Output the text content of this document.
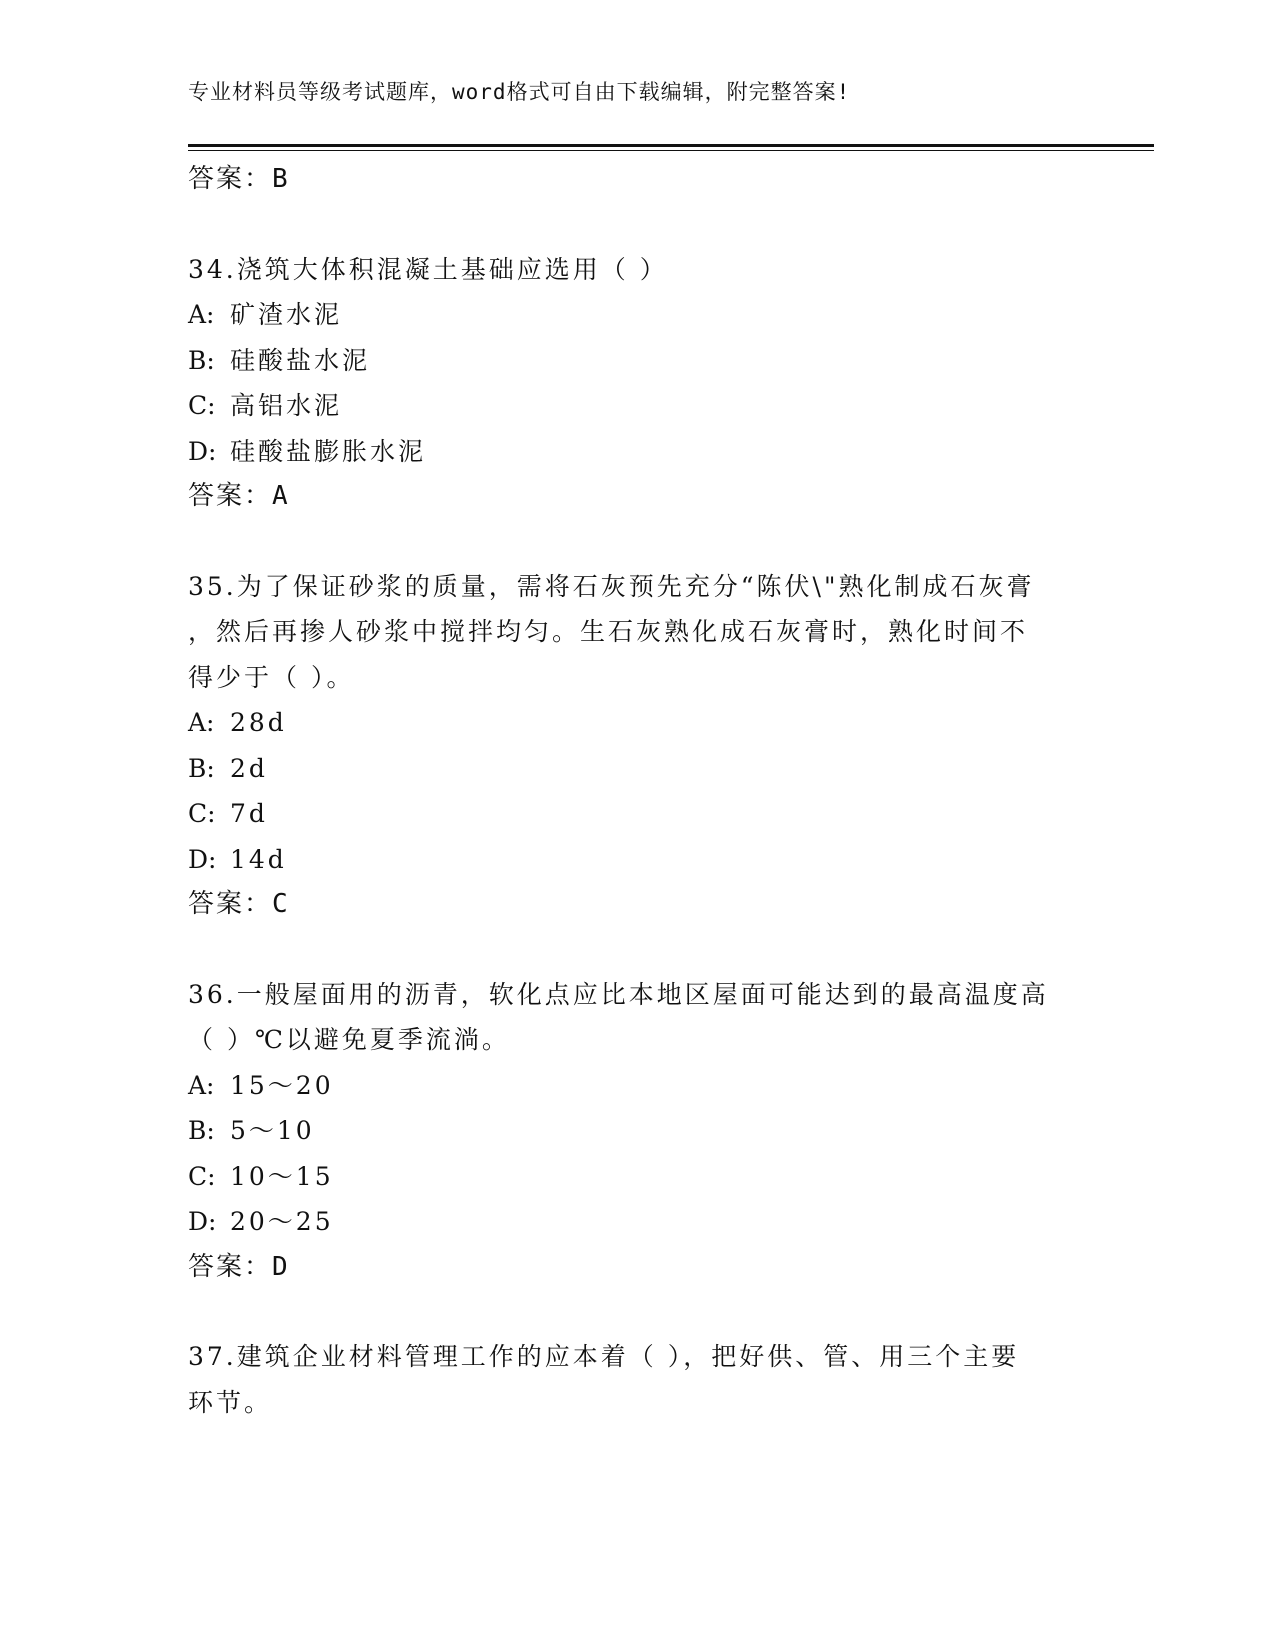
专业材料员等级考试题库，word格式可自由下载编辑，附完整答案!
答案：B
34.浇筑大体积混凝土基础应选用（ ）
A: 矿渣水泥
B: 硅酸盐水泥
C: 高铝水泥
D: 硅酸盐膨胀水泥
答案：A
35.为了保证砂浆的质量，需将石灰预先充分“陈伏\"熟化制成石灰膏
，然后再掺人砂浆中搅拌均匀。生石灰熟化成石灰膏时，熟化时间不
得少于（ ）。
A: 28d
B: 2d
C: 7d
D: 14d
答案：C
36.一般屋面用的沥青，软化点应比本地区屋面可能达到的最高温度高
（ ）℃以避免夏季流淌。
A: 15～20
B: 5～10
C: 10～15
D: 20～25
答案：D
37.建筑企业材料管理工作的应本着（ ），把好供、管、用三个主要
环节。
